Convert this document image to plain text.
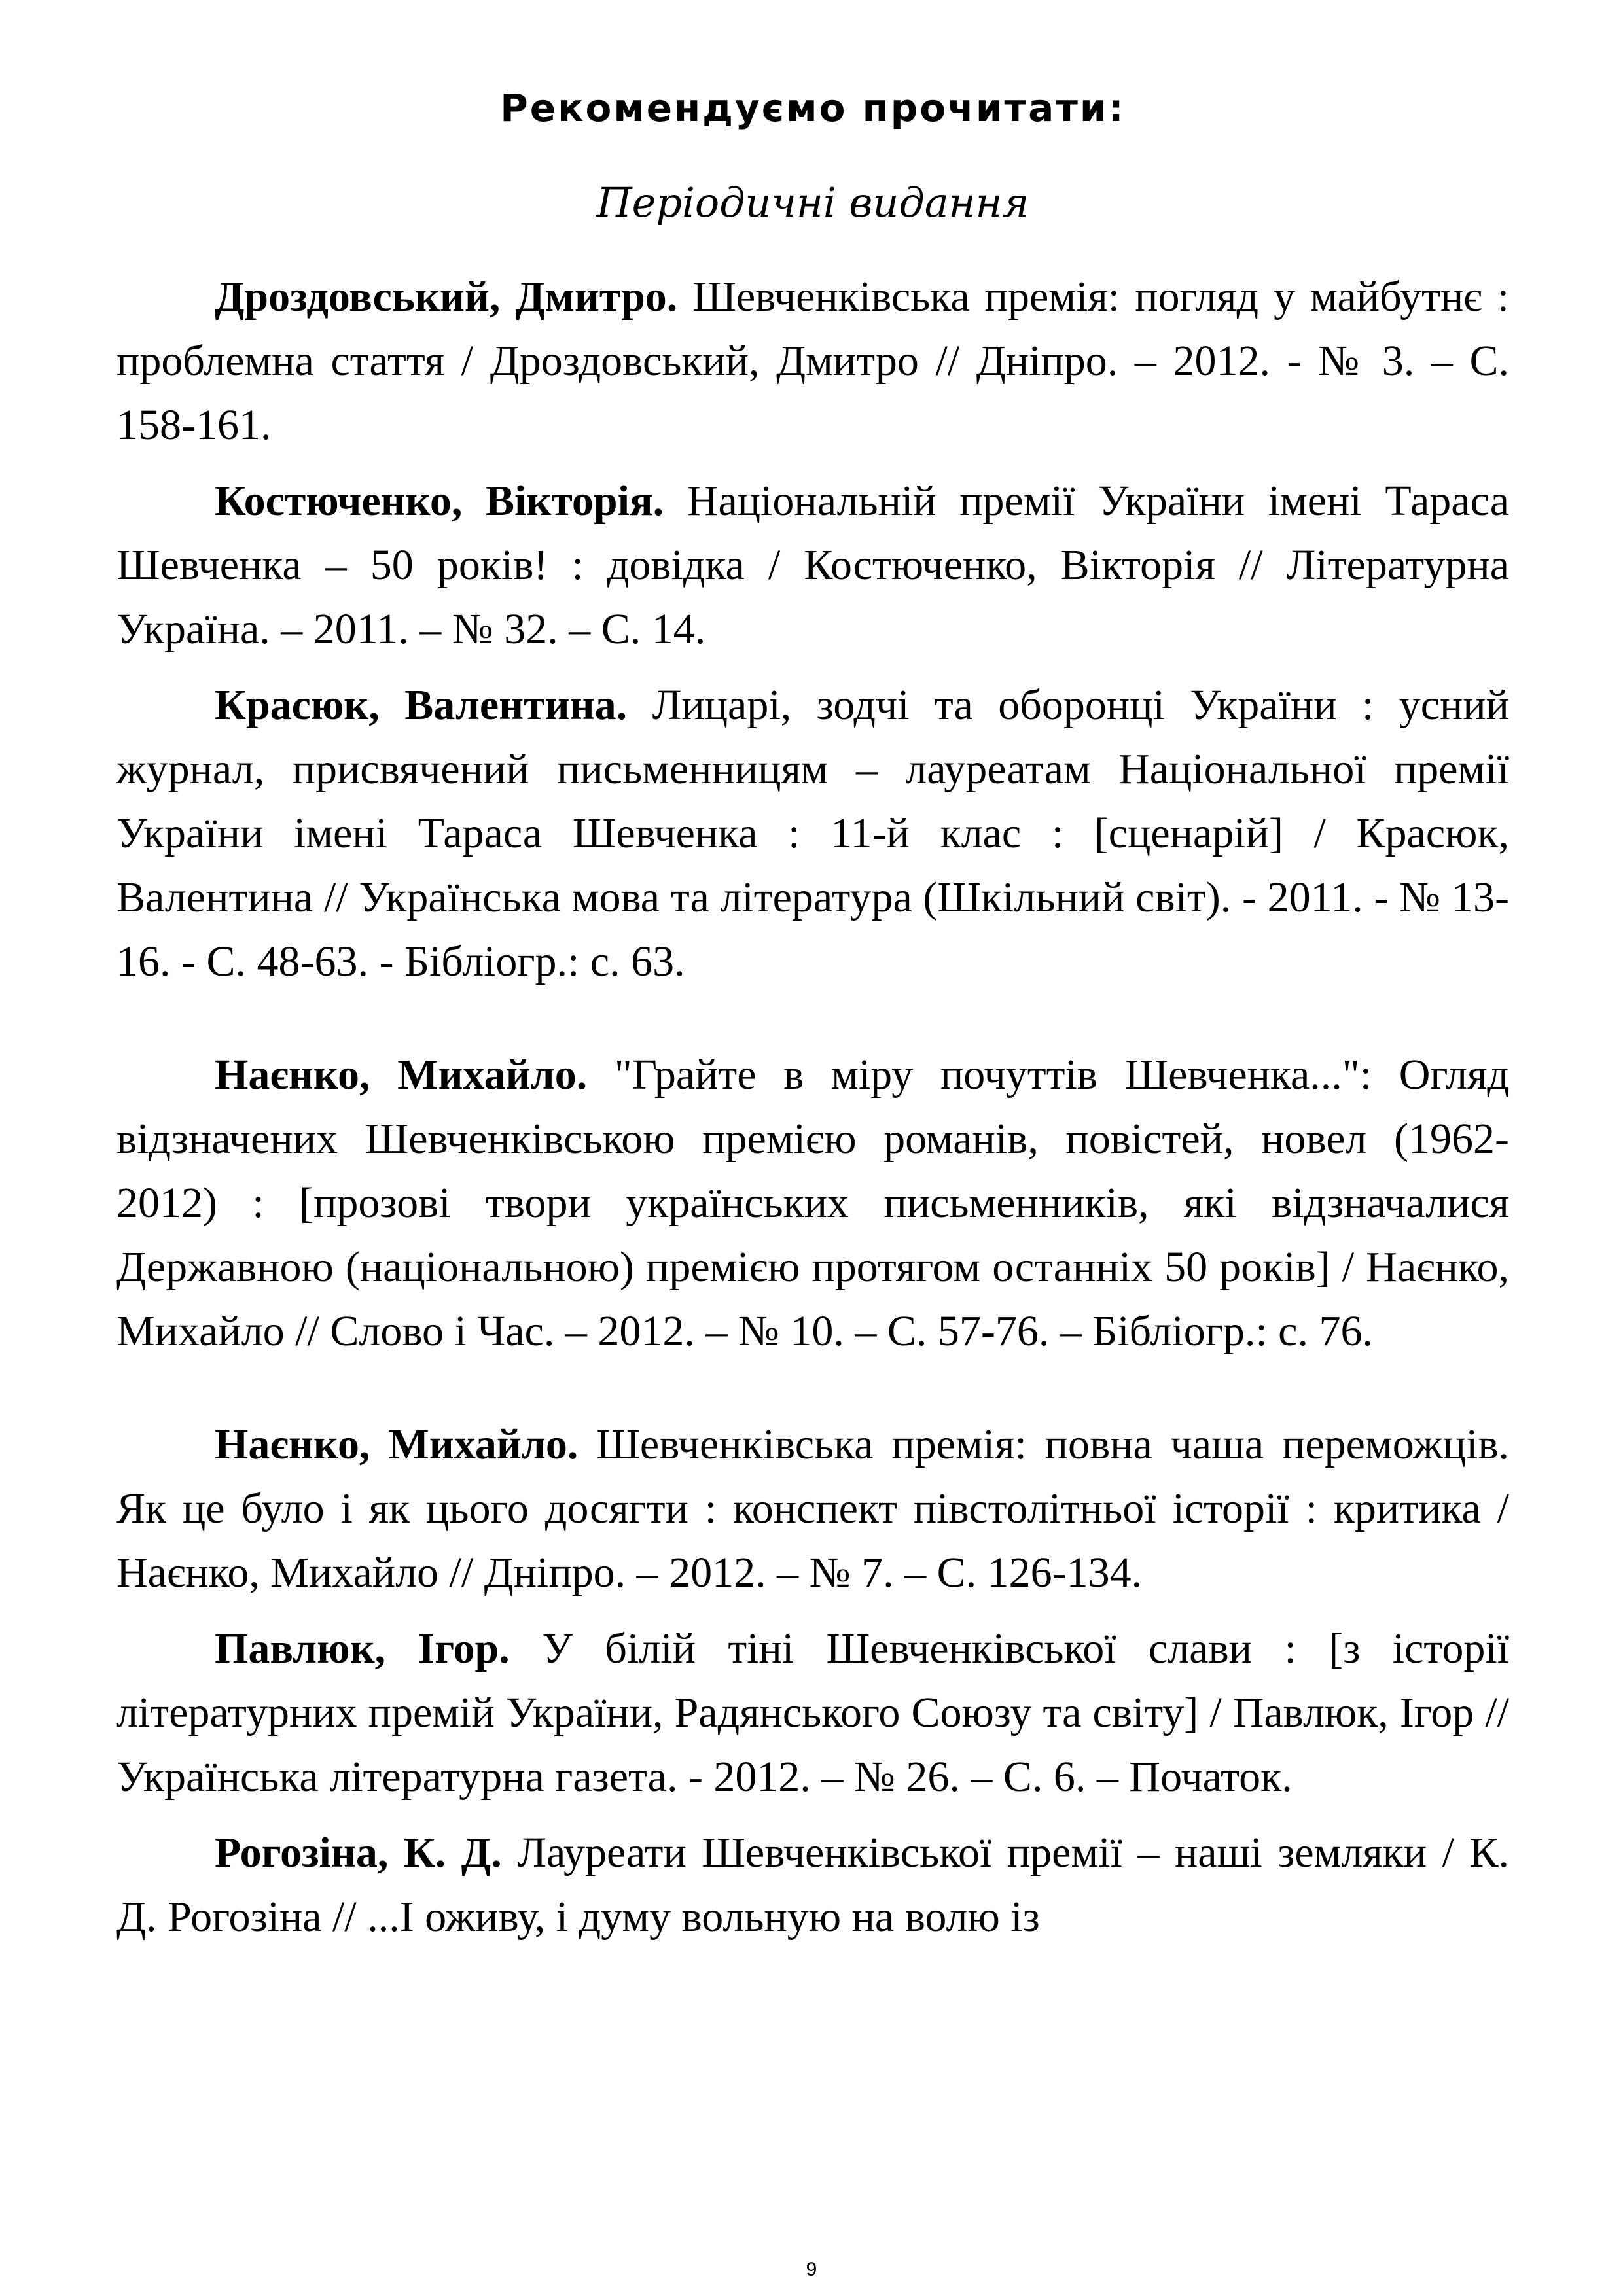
Рекомендуємо прочитати:
Періодичні видання

Дроздовський, Дмитро. Шевченківська премія: погляд у майбутнє : проблемна стаття / Дроздовський, Дмитро // Дніпро. – 2012. - № 3. – С. 158-161.

Костюченко, Вікторія. Національній премії України імені Тараса Шевченка – 50 років! : довідка / Костюченко, Вікторія // Літературна Україна. – 2011. – № 32. – С. 14.

Красюк, Валентина. Лицарі, зодчі та оборонці України : усний журнал, присвячений письменницям – лауреатам Національної премії України імені Тараса Шевченка : 11-й клас : [сценарій] / Красюк, Валентина // Українська мова та література (Шкільний світ). - 2011. - № 13-16. - С. 48-63. - Бібліогр.: с. 63.

Наєнко, Михайло. "Грайте в міру почуттів Шевченка...": Огляд відзначених Шевченківською премією романів, повістей, новел (1962-2012) : [прозові твори українських письменників, які відзначалися Державною (національною) премією протягом останніх 50 років] / Наєнко, Михайло // Слово і Час. – 2012. – № 10. – С. 57-76. – Бібліогр.: с. 76.

Наєнко, Михайло. Шевченківська премія: повна чаша переможців. Як це було і як цього досягти : конспект півстолітньої історії : критика / Наєнко, Михайло // Дніпро. – 2012. – № 7. – С. 126-134.

Павлюк, Ігор. У білій тіні Шевченківської слави : [з історії літературних премій України, Радянського Союзу та світу] / Павлюк, Ігор // Українська літературна газета. - 2012. – № 26. – С. 6. – Початок.

Рогозіна, К. Д. Лауреати Шевченківської премії – наші земляки / К. Д. Рогозіна // ...І оживу, і думу вольную на волю із

9
